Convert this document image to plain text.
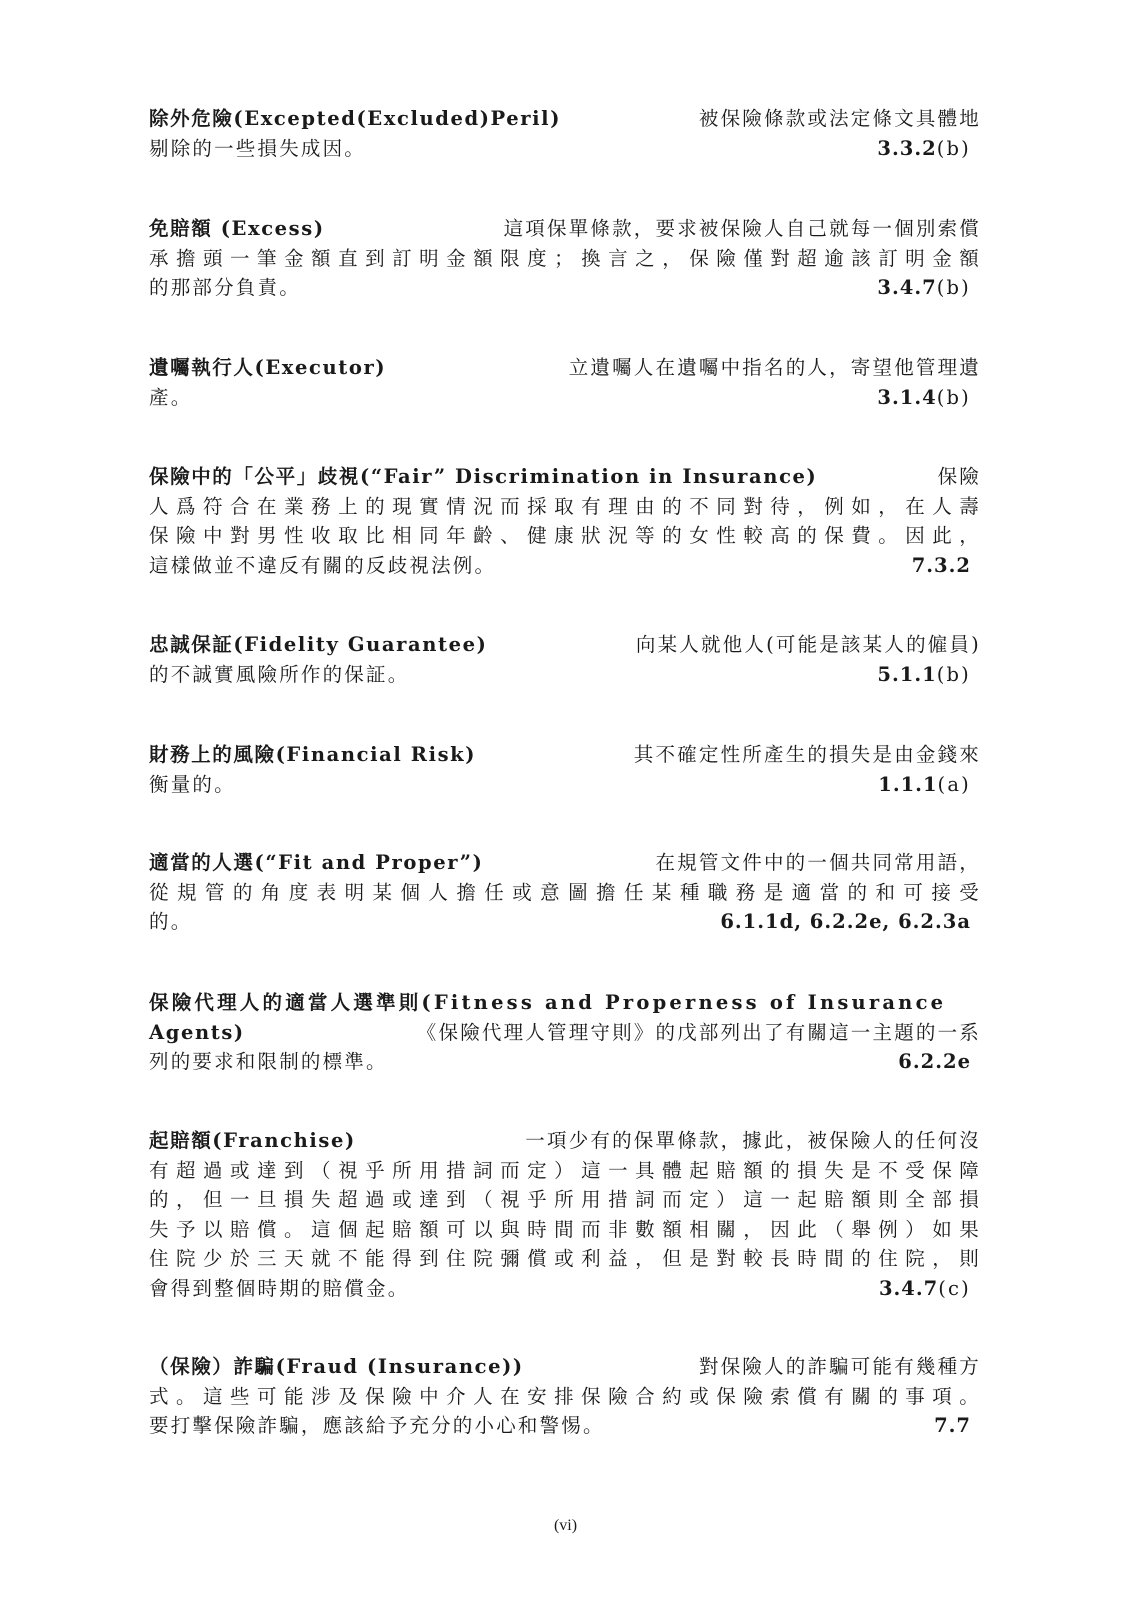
除外危險(Excepted(Excluded)Peril)	被保險條款或法定條文具體地
剔除的一些損失成因。	3.3.2(b)
免賠額 (Excess)	這項保單條款，要求被保險人自己就每一個別索償
承擔頭一筆金額直到訂明金額限度；換言之，保險僅對超逾該訂明金額
的那部分負責。	3.4.7(b)
遺囑執行人(Executor)	立遺囑人在遺囑中指名的人，寄望他管理遺
產。	3.1.4(b)
保險中的「公平」歧視(“Fair” Discrimination in Insurance)	保險
人爲符合在業務上的現實情況而採取有理由的不同對待，例如，在人壽
保險中對男性收取比相同年齡、健康狀況等的女性較高的保費。因此，
這樣做並不違反有關的反歧視法例。	7.3.2
忠誠保証(Fidelity Guarantee)	向某人就他人(可能是該某人的僱員)
的不誠實風險所作的保証。	5.1.1(b)
財務上的風險(Financial Risk)	其不確定性所產生的損失是由金錢來
衡量的。	1.1.1(a)
適當的人選(“Fit and Proper”)	在規管文件中的一個共同常用語，
從規管的角度表明某個人擔任或意圖擔任某種職務是適當的和可接受
的。	6.1.1d, 6.2.2e, 6.2.3a
保險代理人的適當人選準則(Fitness and Properness of Insurance
Agents)	《保險代理人管理守則》的戊部列出了有關這一主題的一系
列的要求和限制的標準。	6.2.2e
起賠額(Franchise)	一項少有的保單條款，據此，被保險人的任何沒
有超過或達到（視乎所用措詞而定）這一具體起賠額的損失是不受保障
的，但一旦損失超過或達到（視乎所用措詞而定）這一起賠額則全部損
失予以賠償。這個起賠額可以與時間而非數額相關，因此（舉例）如果
住院少於三天就不能得到住院彌償或利益，但是對較長時間的住院，則
會得到整個時期的賠償金。	3.4.7(c)
（保險）詐騙(Fraud (Insurance))	對保險人的詐騙可能有幾種方
式。這些可能涉及保險中介人在安排保險合約或保險索償有關的事項。
要打擊保險詐騙，應該給予充分的小心和警惕。	7.7
(vi)
